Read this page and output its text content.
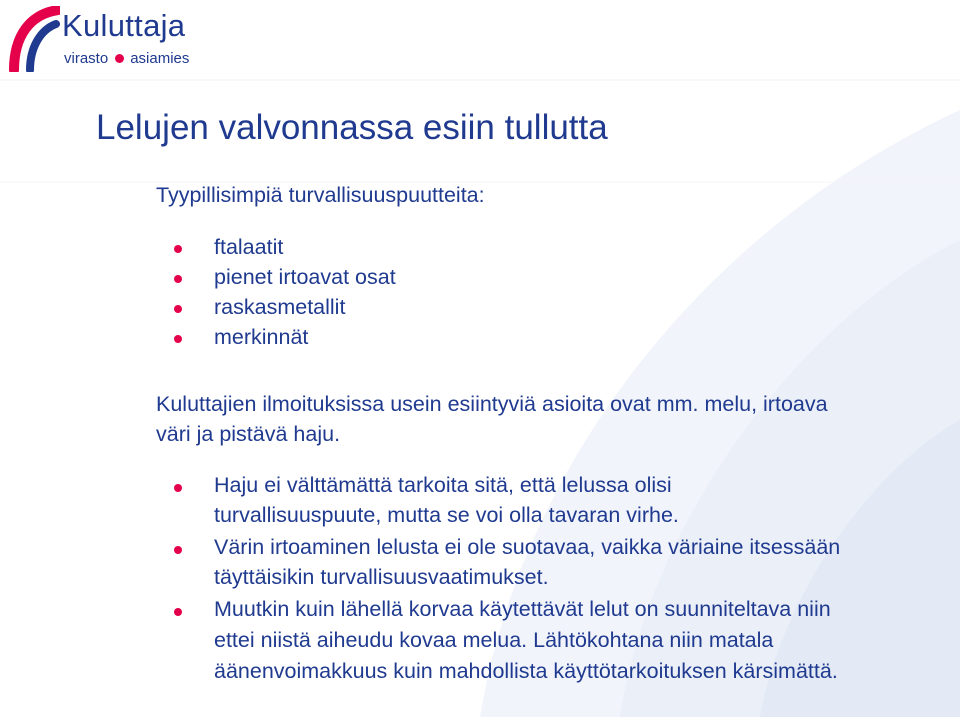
Kuluttaja
virasto asiamies
Lelujen valvonnassa esiin tullutta
Tyypillisimpiä turvallisuuspuutteita:
ftalaatit
pienet irtoavat osat
raskasmetallit
merkinnät
Kuluttajien ilmoituksissa usein esiintyviä asioita ovat mm. melu, irtoava
väri ja pistävä haju.
Haju ei välttämättä tarkoita sitä, että lelussa olisi
turvallisuuspuute, mutta se voi olla tavaran virhe.
Värin irtoaminen lelusta ei ole suotavaa, vaikka väriaine itsessään
täyttäisikin turvallisuusvaatimukset.
Muutkin kuin lähellä korvaa käytettävät lelut on suunniteltava niin
ettei niistä aiheudu kovaa melua. Lähtökohtana niin matala
äänenvoimakkuus kuin mahdollista käyttötarkoituksen kärsimättä.
